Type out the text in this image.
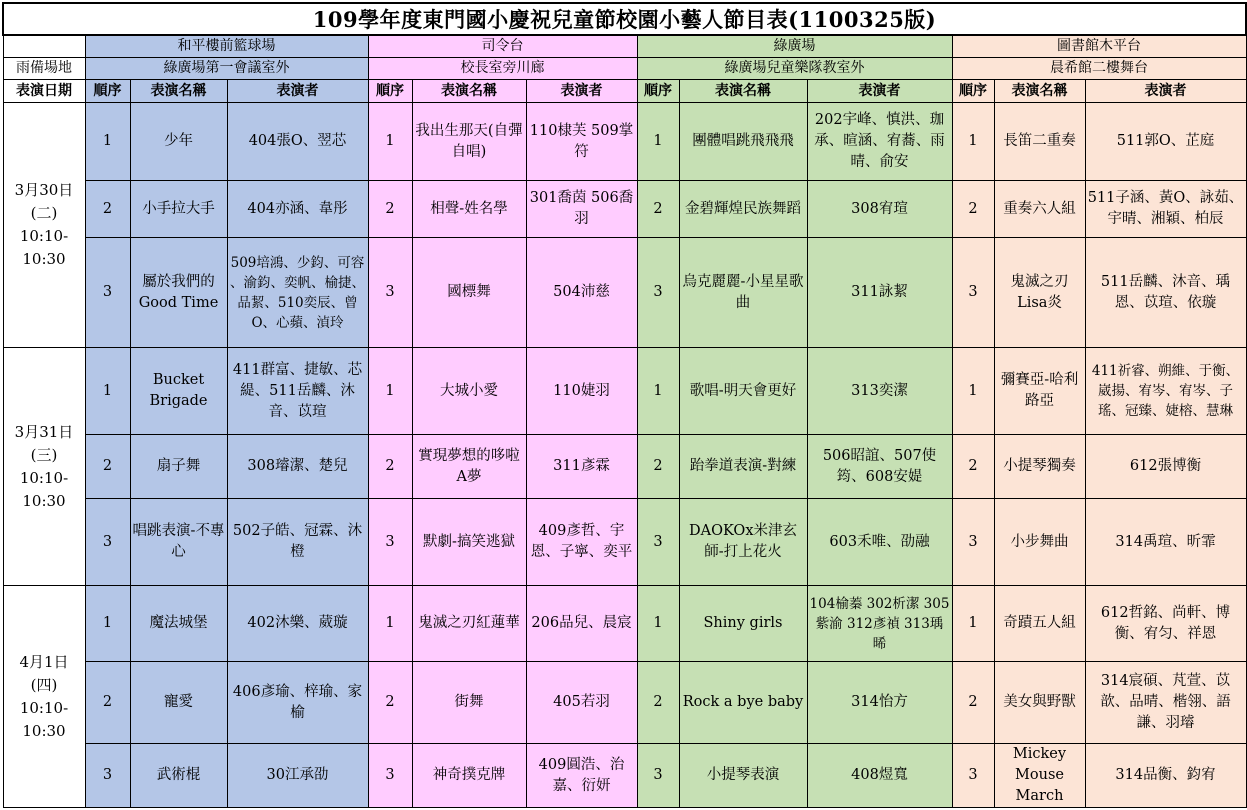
109學年度東門國小慶祝兒童節校園小藝人節目表(1100325版)												
	和平樓前籃球場			司令台			綠廣場			圖書館木平台		
雨備場地	綠廣場第一會議室外			校長室旁川廊			綠廣場兒童樂隊教室外			晨希館二樓舞台		
表演日期	順序	表演名稱	表演者	順序	表演名稱	表演者	順序	表演名稱	表演者	順序	表演名稱	表演者

3月30日
(二)
10:10-
10:30	1	少年	404張O、翌芯	1	我出生那天(自彈自唱)	110棣芙 509掌符	1	團體唱跳飛飛飛	202宇峰、慎洪、珈承、暄涵、宥蕎、雨晴、俞安	1	長笛二重奏	511郭O、芷庭
	2	小手拉大手	404亦涵、韋彤	2	相聲-姓名學	301喬茵 506喬羽	2	金碧輝煌民族舞蹈	308宥瑄	2	重奏六人組	511子涵、黃O、詠茹、宇晴、湘穎、柏辰
	3	屬於我們的Good Time	509培鴻、少鈞、可容 、渝鈞、奕帆、榆捷、品絜、510奕辰、曾 O、心蘋、湞玲	3	國標舞	504沛慈	3	烏克麗麗-小星星歌曲	311詠絜	3	鬼滅之刃Lisa炎	511岳麟、沐音、瑀恩、苡瑄、依璇

3月31日
(三)
10:10-
10:30	1	Bucket Brigade	411群富、捷敏、芯緹、511岳麟、沐音、苡瑄	1	大城小愛	110婕羽	1	歌唱-明天會更好	313奕潔	1	彌賽亞-哈利路亞	411祈睿、朔維、于衡、崴揚、宥岑、宥岑、子瑤、冠臻、婕榕、慧琳
	2	扇子舞	308璿潔、楚兒	2	實現夢想的哆啦A夢	311彥霖	2	跆拳道表演-對練	506昭誼、507使筠、608安媞	2	小提琴獨奏	612張博衡
	3	唱跳表演-不專心	502子皓、冠霖、沐橙	3	默劇-搞笑逃獄	409彥哲、宇恩、子寧、奕平	3	DAOKOx米津玄師-打上花火	603禾唯、劭融	3	小步舞曲	314禹瑄、昕霏

4月1日
(四)
10:10-
10:30	1	魔法城堡	402沐樂、葳璇	1	鬼滅之刃紅蓮華	206品兒、晨宸	1	Shiny girls	104榆蓁 302析潔 305紫渝 312彥禎 313瑀晞	1	奇蹟五人組	612哲銘、尚軒、博衡、宥匀、祥恩
	2	寵愛	406彥瑜、梓瑜、家榆	2	街舞	405若羽	2	Rock a bye baby	314怡方	2	美女與野獸	314宸碩、芃萱、苡歆、品晴、楷翎、語謙、羽璿
	3	武術棍	30江承劭	3	神奇撲克牌	409圓浩、治嘉、衍妍	3	小提琴表演	408煜寬	3	Mickey Mouse March	314品衡、鈞宥
